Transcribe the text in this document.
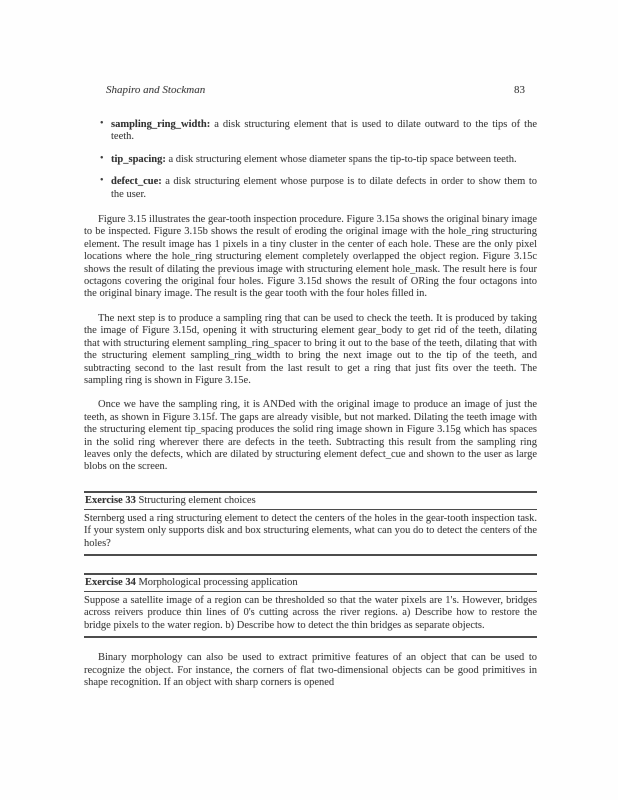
Shapiro and Stockman	83
• sampling_ring_width: a disk structuring element that is used to dilate outward to the tips of the teeth.
• tip_spacing: a disk structuring element whose diameter spans the tip-to-tip space between teeth.
• defect_cue: a disk structuring element whose purpose is to dilate defects in order to show them to the user.

Figure 3.15 illustrates the gear-tooth inspection procedure. Figure 3.15a shows the original binary image to be inspected. Figure 3.15b shows the result of eroding the original image with the hole_ring structuring element. The result image has 1 pixels in a tiny cluster in the center of each hole. These are the only pixel locations where the hole_ring structuring element completely overlapped the object region. Figure 3.15c shows the result of dilating the previous image with structuring element hole_mask. The result here is four octagons covering the original four holes. Figure 3.15d shows the result of ORing the four octagons into the original binary image. The result is the gear tooth with the four holes filled in.

The next step is to produce a sampling ring that can be used to check the teeth. It is produced by taking the image of Figure 3.15d, opening it with structuring element gear_body to get rid of the teeth, dilating that with structuring element sampling_ring_spacer to bring it out to the base of the teeth, dilating that with the structuring element sampling_ring_width to bring the next image out to the tip of the teeth, and subtracting second to the last result from the last result to get a ring that just fits over the teeth. The sampling ring is shown in Figure 3.15e.

Once we have the sampling ring, it is ANDed with the original image to produce an image of just the teeth, as shown in Figure 3.15f. The gaps are already visible, but not marked. Dilating the teeth image with the structuring element tip_spacing produces the solid ring image shown in Figure 3.15g which has spaces in the solid ring wherever there are defects in the teeth. Subtracting this result from the sampling ring leaves only the defects, which are dilated by structuring element defect_cue and shown to the user as large blobs on the screen.

Exercise 33 Structuring element choices
Sternberg used a ring structuring element to detect the centers of the holes in the gear-tooth inspection task. If your system only supports disk and box structuring elements, what can you do to detect the centers of the holes?
Exercise 34 Morphological processing application
Suppose a satellite image of a region can be thresholded so that the water pixels are 1's. However, bridges across reivers produce thin lines of 0's cutting across the river regions. a) Describe how to restore the bridge pixels to the water region. b) Describe how to detect the thin bridges as separate objects.

Binary morphology can also be used to extract primitive features of an object that can be used to recognize the object. For instance, the corners of flat two-dimensional objects can be good primitives in shape recognition. If an object with sharp corners is opened
